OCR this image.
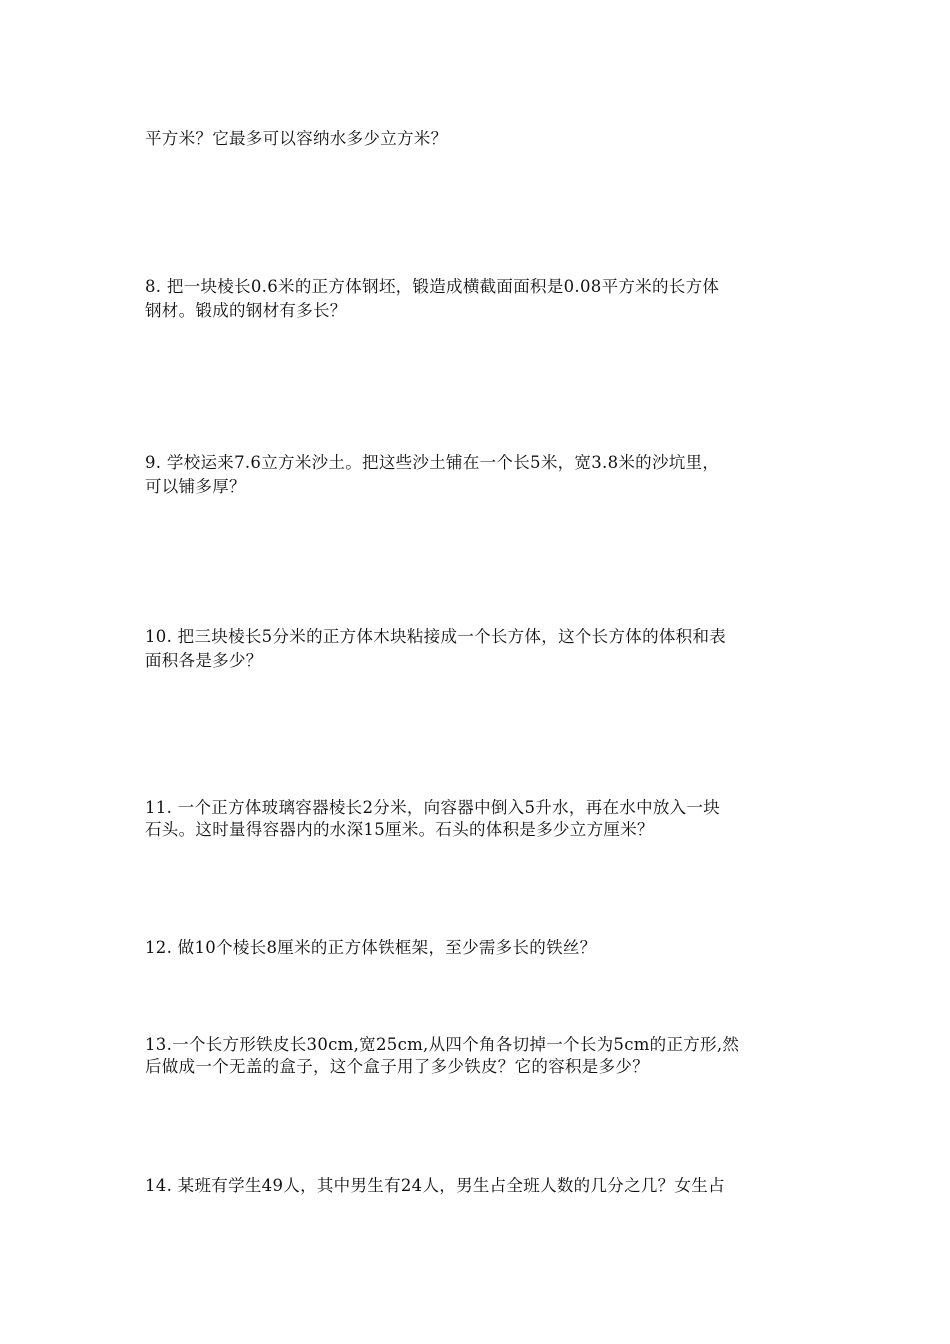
平方米？它最多可以容纳水多少立方米？
8. 把一块棱长0.6米的正方体钢坯，锻造成横截面面积是0.08平方米的长方体
钢材。锻成的钢材有多长？
9. 学校运来7.6立方米沙土。把这些沙土铺在一个长5米，宽3.8米的沙坑里，
可以铺多厚？
10. 把三块棱长5分米的正方体木块粘接成一个长方体，这个长方体的体积和表
面积各是多少？
11. 一个正方体玻璃容器棱长2分米，向容器中倒入5升水，再在水中放入一块
石头。这时量得容器内的水深15厘米。石头的体积是多少立方厘米？
12. 做10个棱长8厘米的正方体铁框架，至少需多长的铁丝？
13.一个长方形铁皮长30cm,宽25cm,从四个角各切掉一个长为5cm的正方形,然
后做成一个无盖的盒子，这个盒子用了多少铁皮？它的容积是多少？
14. 某班有学生49人，其中男生有24人，男生占全班人数的几分之几？女生占
